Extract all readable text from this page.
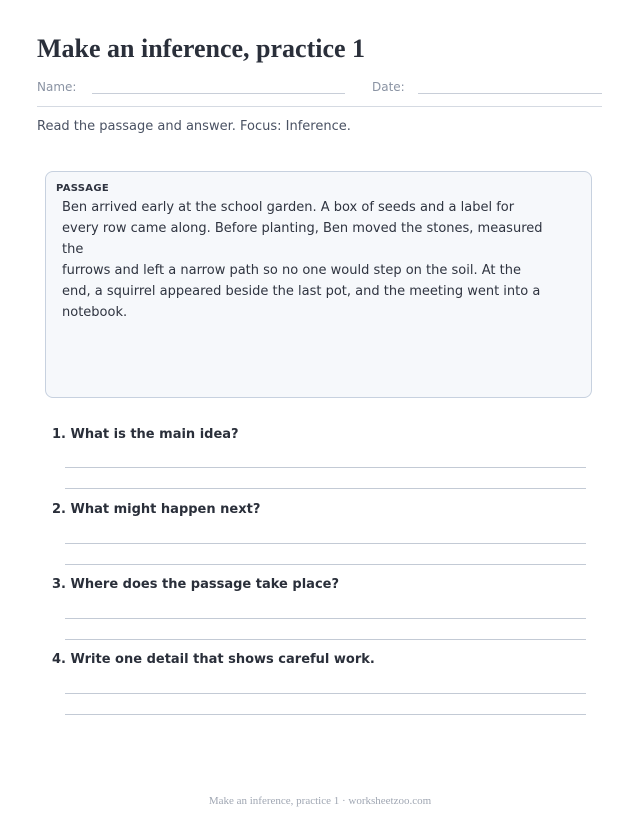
Make an inference, practice 1
Name:	Date:
Read the passage and answer. Focus: Inference.
PASSAGE
Ben arrived early at the school garden. A box of seeds and a label for
every row came along. Before planting, Ben moved the stones, measured the
furrows and left a narrow path so no one would step on the soil. At the
end, a squirrel appeared beside the last pot, and the meeting went into a
notebook.
1. What is the main idea?
2. What might happen next?
3. Where does the passage take place?
4. Write one detail that shows careful work.
Make an inference, practice 1 · worksheetzoo.com
